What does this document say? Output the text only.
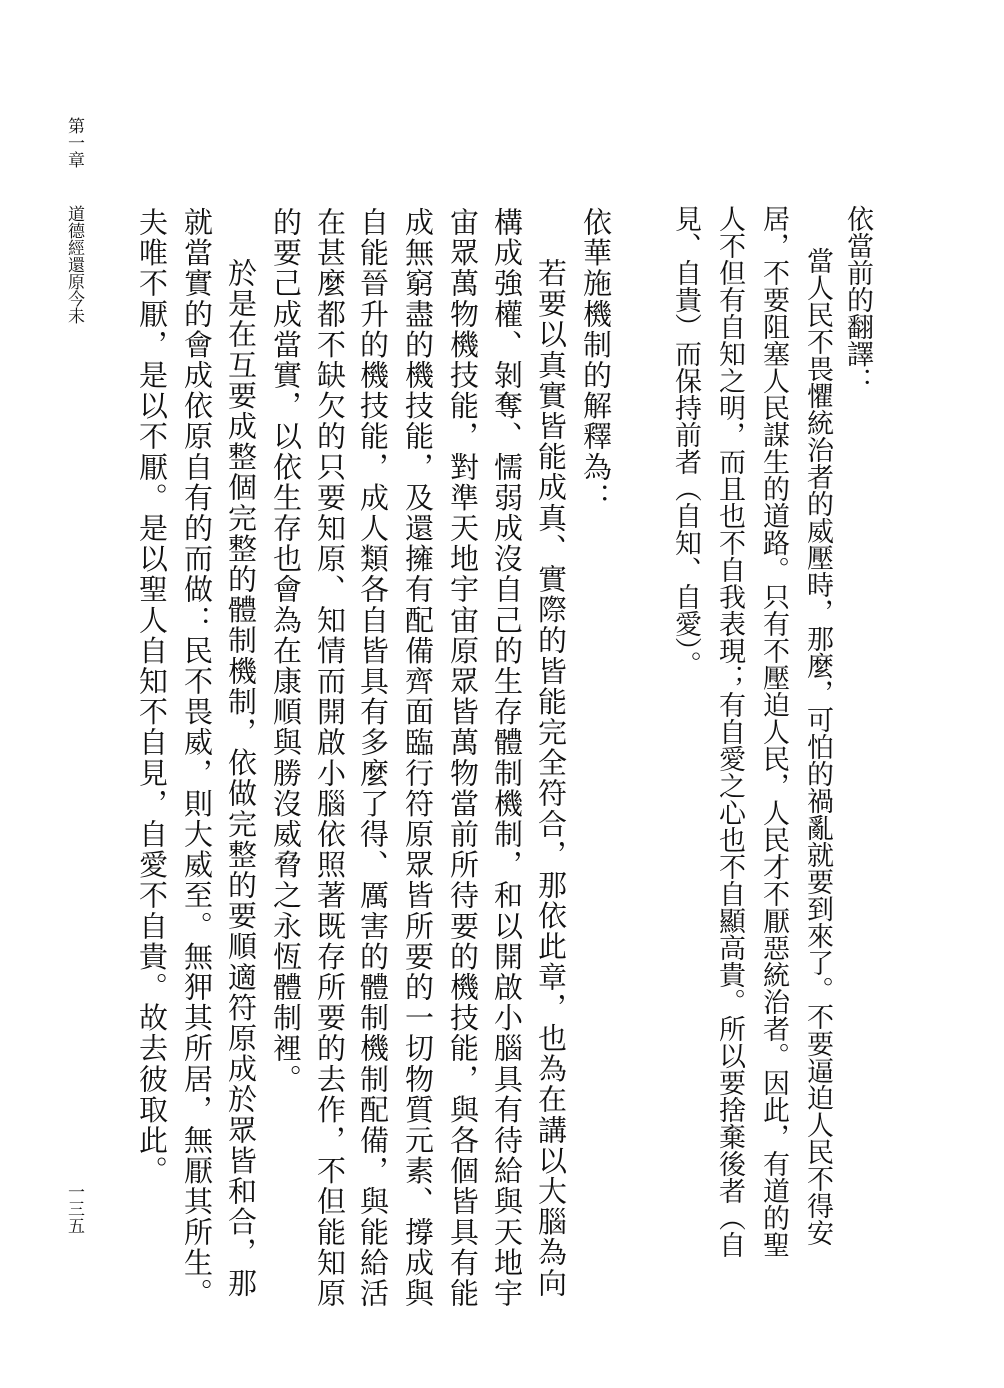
依當前的翻譯：
當人民不畏懼統治者的威壓時，那麼，可怕的禍亂就要到來了。不要逼迫人民不得安
居，不要阻塞人民謀生的道路。只有不壓迫人民，人民才不厭惡統治者。因此，有道的聖
人不但有自知之明，而且也不自我表現；有自愛之心也不自顯高貴。所以要捨棄後者（自
見、自貴）而保持前者（自知、自愛）。
依華施機制的解釋為：
若要以真實皆能成真、實際的皆能完全符合，那依此章，也為在講以大腦為向
構成強權、剝奪、懦弱成沒自己的生存體制機制，和以開啟小腦具有待給與天地宇
宙眾萬物機技能，對準天地宇宙原眾皆萬物當前所待要的機技能，與各個皆具有能
成無窮盡的機技能，及還擁有配備齊面臨行符原眾皆所要的一切物質元素、撐成與
自能晉升的機技能，成人類各自皆具有多麼了得、厲害的體制機制配備，與能給活
在甚麼都不缺欠的只要知原、知情而開啟小腦依照著既存所要的去作，不但能知原
的要己成當實，以依生存也會為在康順與勝沒威脅之永恆體制裡。
於是在互要成整個完整的體制機制，依做完整的要順適符原成於眾皆和合，那
就當實的會成依原自有的而做：民不畏威，則大威至。無狎其所居，無厭其所生。
夫唯不厭，是以不厭。是以聖人自知不自見，自愛不自貴。故去彼取此。
第一章
道德經還原今未
一三五
